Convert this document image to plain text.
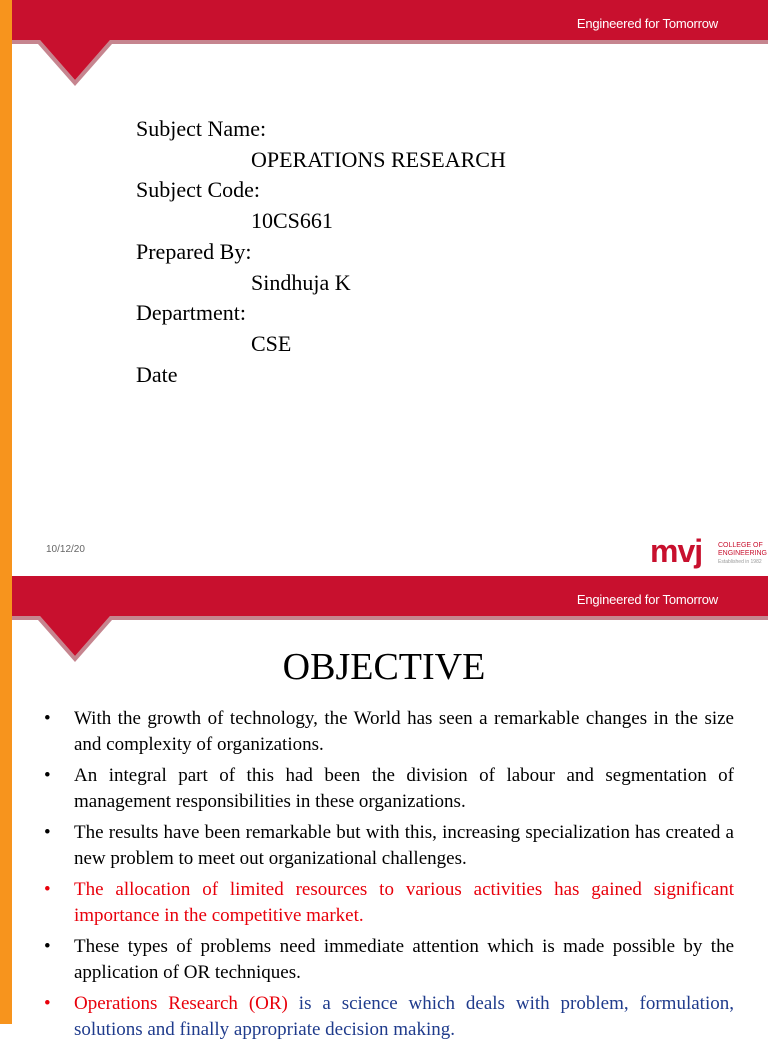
Engineered for Tomorrow
Subject Name:
OPERATIONS RESEARCH
Subject Code:
10CS661
Prepared By:
Sindhuja K
Department:
CSE
Date
10/12/20	mvj COLLEGE OF
ENGINEERING
Established in 1982
Engineered for Tomorrow
OBJECTIVE
• With the growth of technology, the World has seen a remarkable changes in the size and complexity of organizations.
• An integral part of this had been the division of labour and segmentation of management responsibilities in these organizations.
• The results have been remarkable but with this, increasing specialization has created a new problem to meet out organizational challenges.
• The allocation of limited resources to various activities has gained significant importance in the competitive market.
• These types of problems need immediate attention which is made possible by the application of OR techniques.
• Operations Research (OR) is a science which deals with problem, formulation, solutions and finally appropriate decision making.
